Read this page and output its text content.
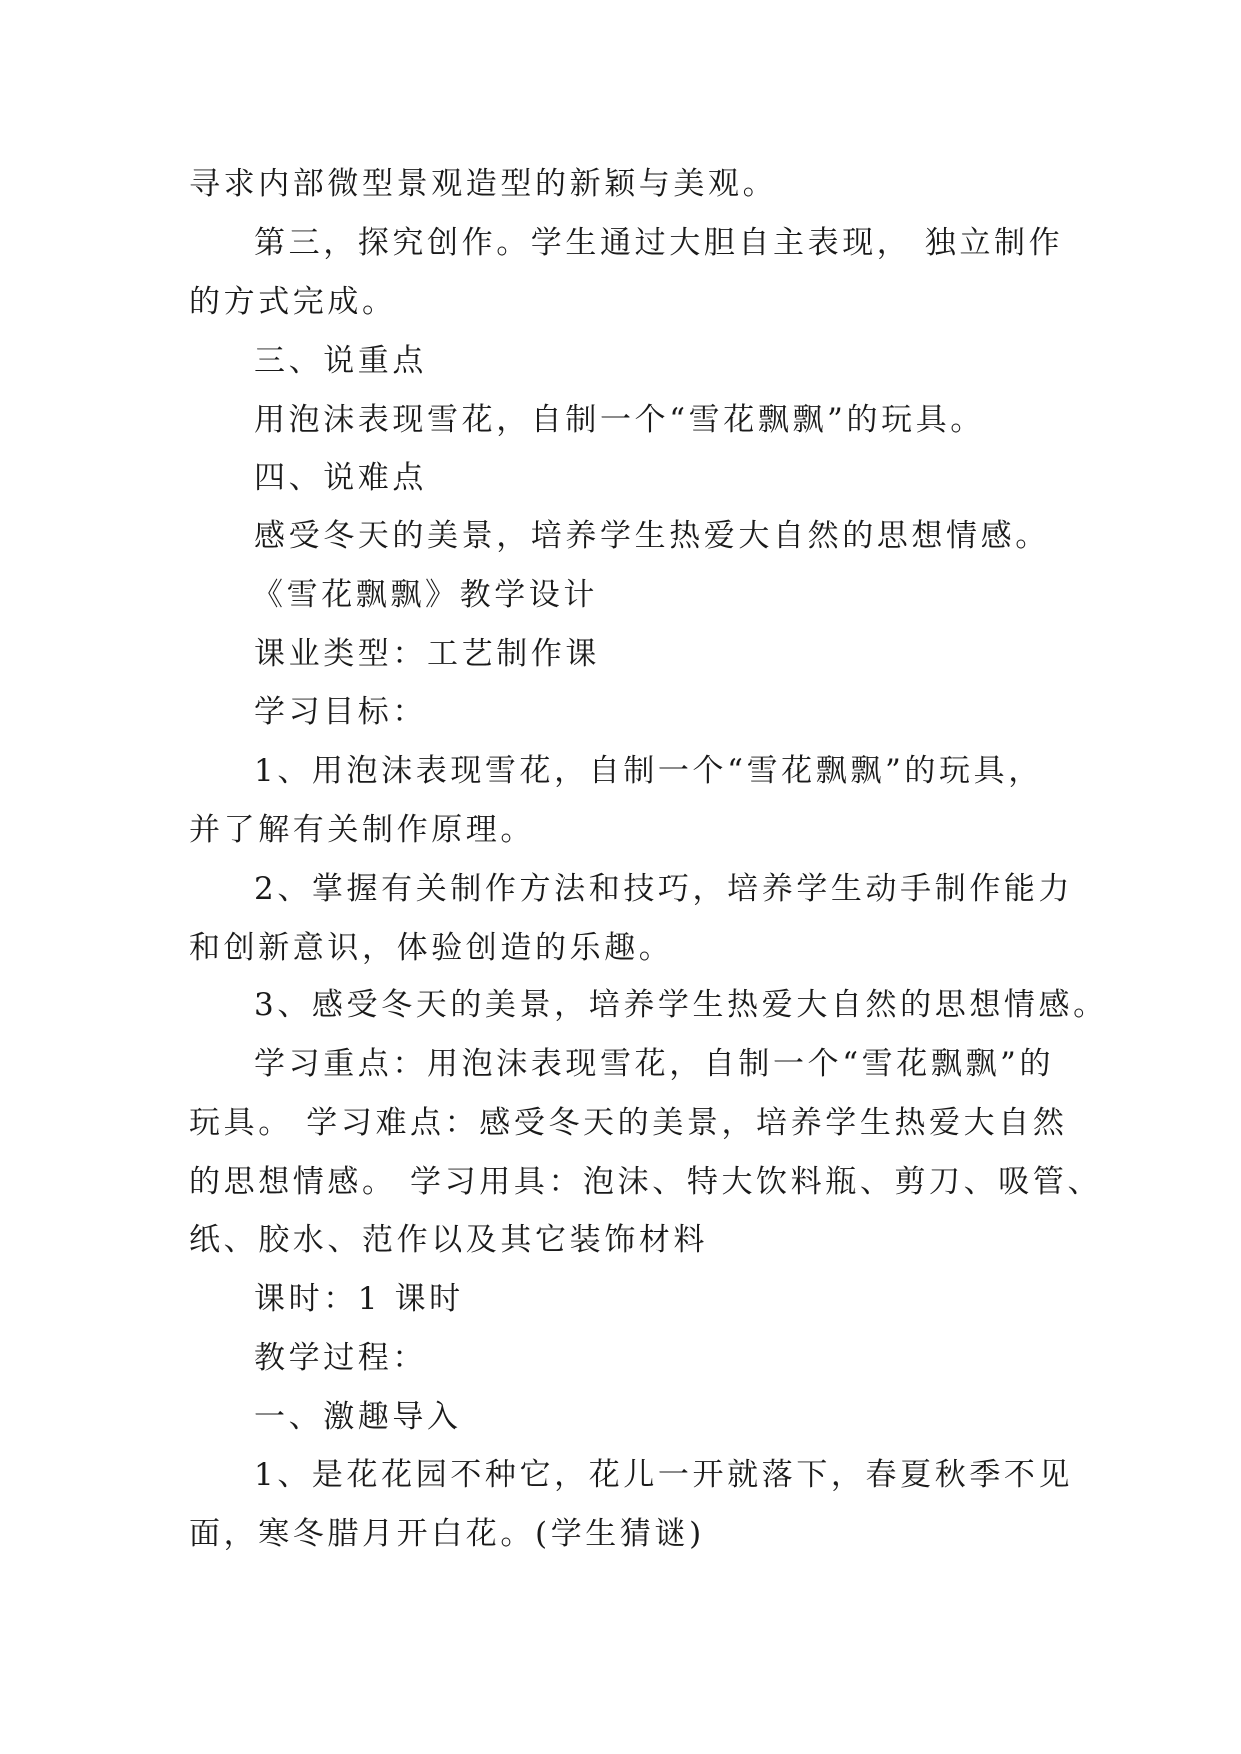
寻求内部微型景观造型的新颖与美观。
第三，探究创作。学生通过大胆自主表现， 独立制作
的方式完成。
三、说重点
用泡沫表现雪花，自制一个“雪花飘飘”的玩具。
四、说难点
感受冬天的美景，培养学生热爱大自然的思想情感。
《雪花飘飘》教学设计
课业类型：工艺制作课
学习目标：
1、用泡沫表现雪花，自制一个“雪花飘飘”的玩具，
并了解有关制作原理。
2、掌握有关制作方法和技巧，培养学生动手制作能力
和创新意识，体验创造的乐趣。
3、感受冬天的美景，培养学生热爱大自然的思想情感。
学习重点：用泡沫表现雪花，自制一个“雪花飘飘”的
玩具。 学习难点：感受冬天的美景，培养学生热爱大自然
的思想情感。 学习用具：泡沫、特大饮料瓶、剪刀、吸管、
纸、胶水、范作以及其它装饰材料
课时：1 课时
教学过程：
一、激趣导入
1、是花花园不种它，花儿一开就落下，春夏秋季不见
面，寒冬腊月开白花。(学生猜谜)
